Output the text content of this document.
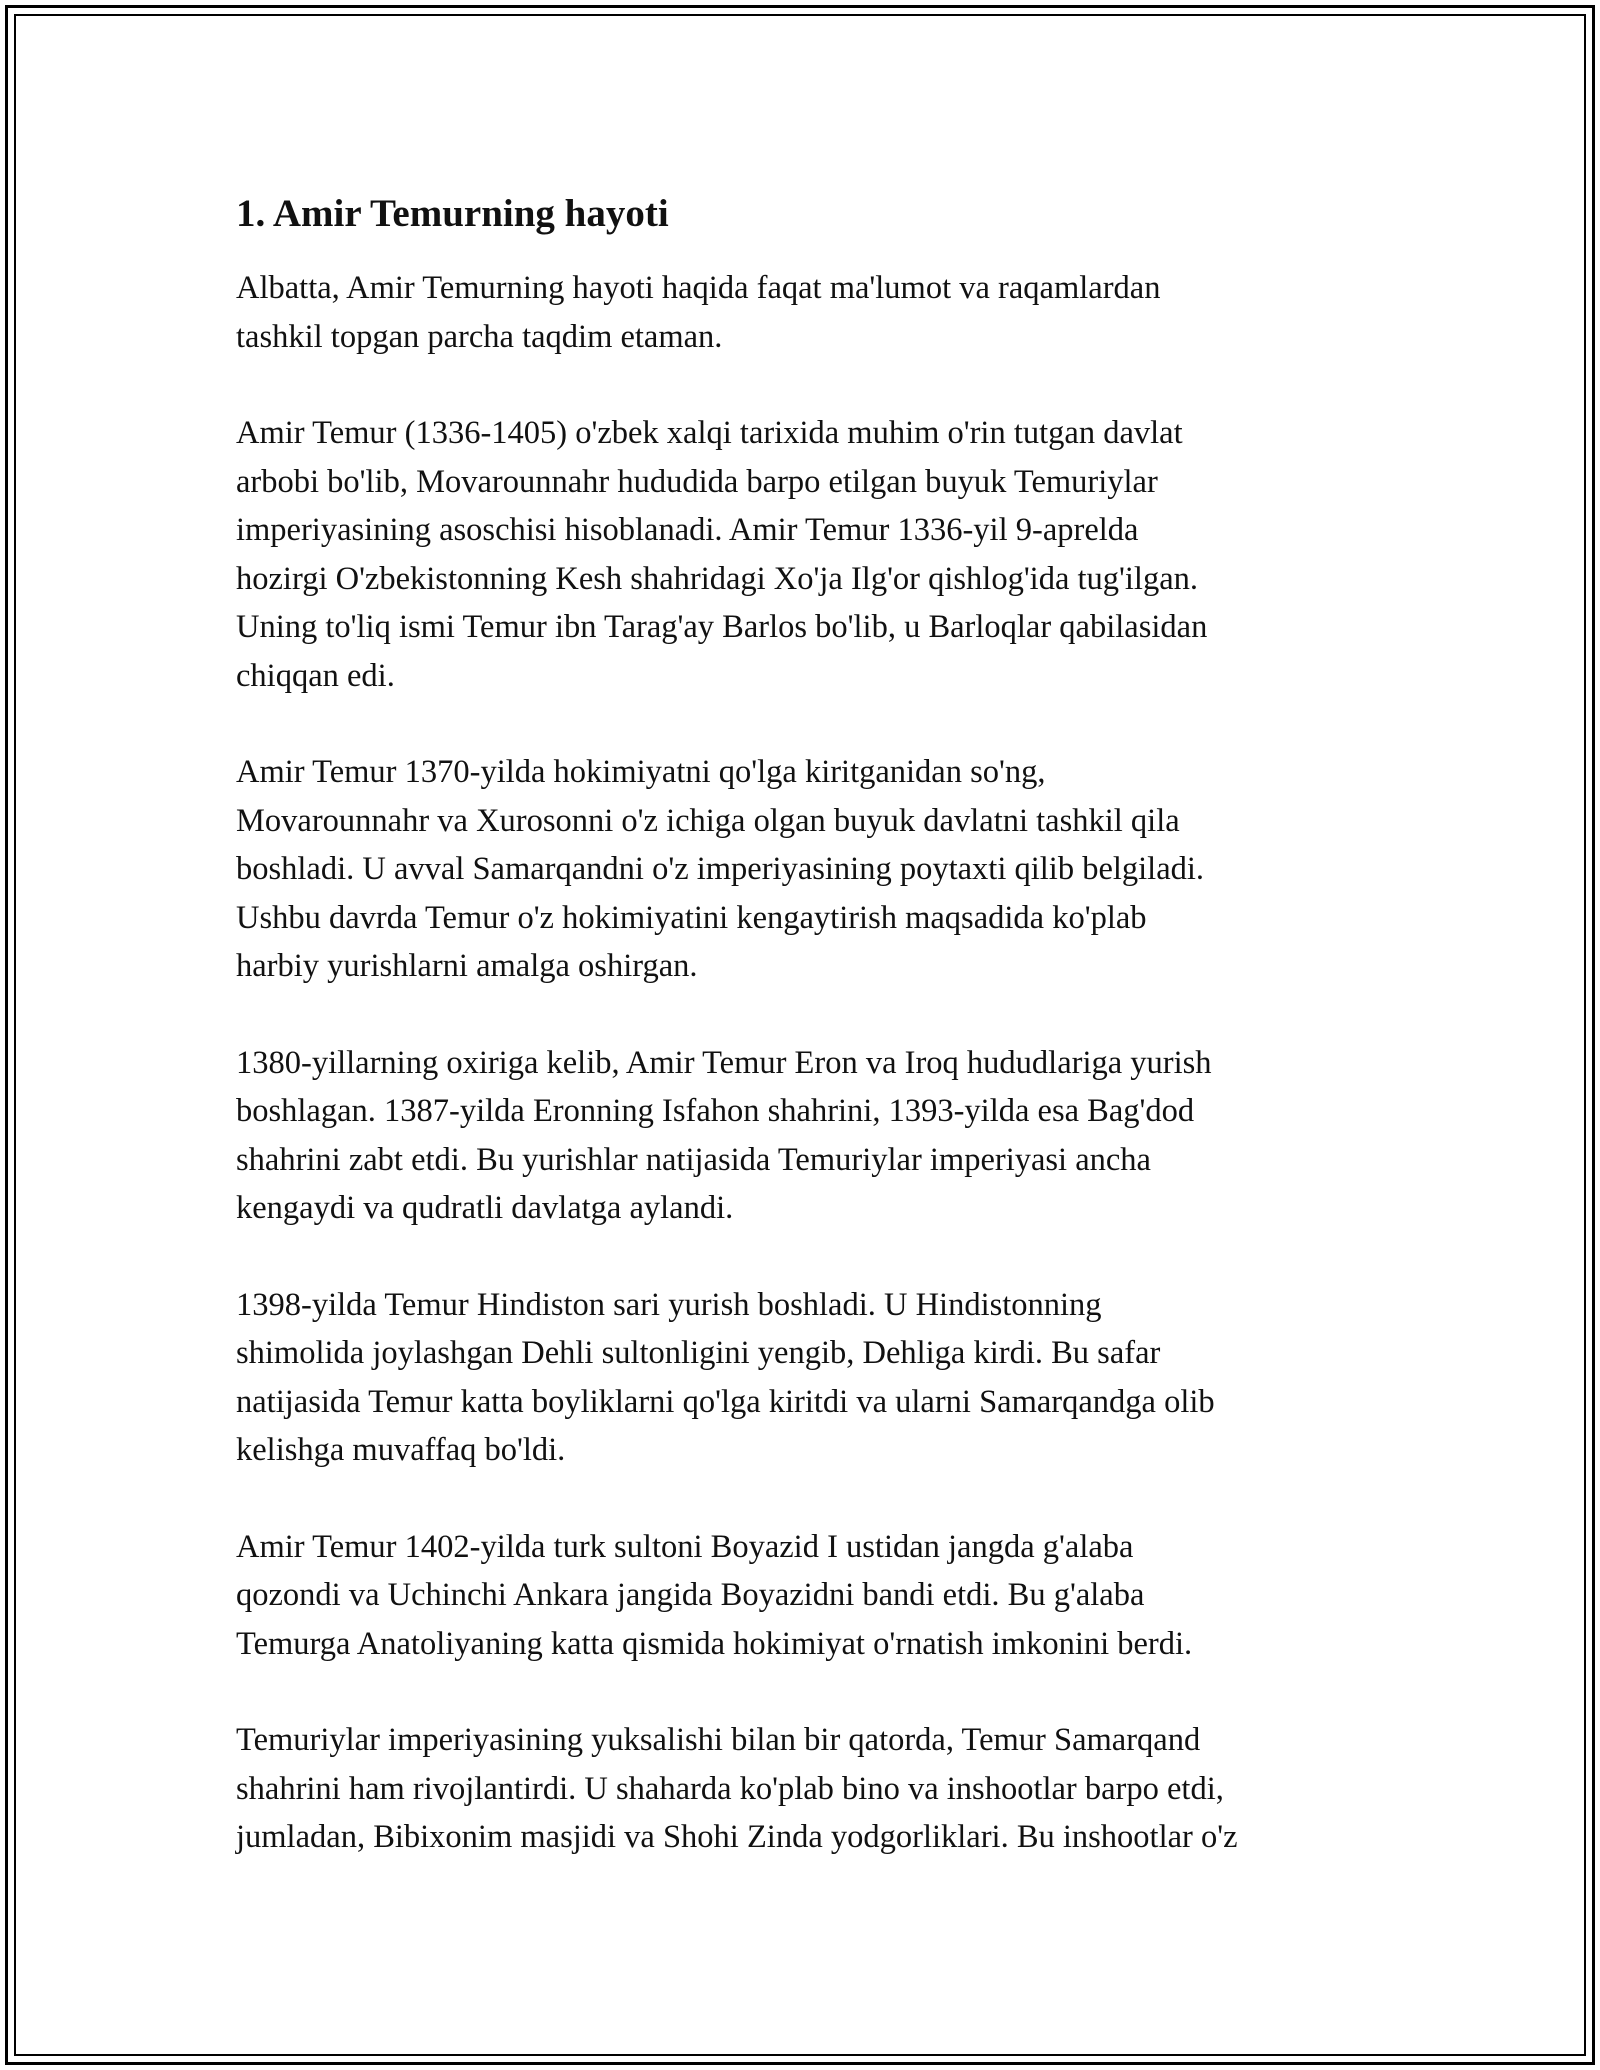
1. Amir Temurning hayoti

Albatta, Amir Temurning hayoti haqida faqat ma'lumot va raqamlardan
tashkil topgan parcha taqdim etaman.

Amir Temur (1336-1405) o'zbek xalqi tarixida muhim o'rin tutgan davlat
arbobi bo'lib, Movarounnahr hududida barpo etilgan buyuk Temuriylar
imperiyasining asoschisi hisoblanadi. Amir Temur 1336-yil 9-aprelda
hozirgi O'zbekistonning Kesh shahridagi Xo'ja Ilg'or qishlog'ida tug'ilgan.
Uning to'liq ismi Temur ibn Tarag'ay Barlos bo'lib, u Barloqlar qabilasidan
chiqqan edi.

Amir Temur 1370-yilda hokimiyatni qo'lga kiritganidan so'ng,
Movarounnahr va Xurosonni o'z ichiga olgan buyuk davlatni tashkil qila
boshladi. U avval Samarqandni o'z imperiyasining poytaxti qilib belgiladi.
Ushbu davrda Temur o'z hokimiyatini kengaytirish maqsadida ko'plab
harbiy yurishlarni amalga oshirgan.

1380-yillarning oxiriga kelib, Amir Temur Eron va Iroq hududlariga yurish
boshlagan. 1387-yilda Eronning Isfahon shahrini, 1393-yilda esa Bag'dod
shahrini zabt etdi. Bu yurishlar natijasida Temuriylar imperiyasi ancha
kengaydi va qudratli davlatga aylandi.

1398-yilda Temur Hindiston sari yurish boshladi. U Hindistonning
shimolida joylashgan Dehli sultonligini yengib, Dehliga kirdi. Bu safar
natijasida Temur katta boyliklarni qo'lga kiritdi va ularni Samarqandga olib
kelishga muvaffaq bo'ldi.

Amir Temur 1402-yilda turk sultoni Boyazid I ustidan jangda g'alaba
qozondi va Uchinchi Ankara jangida Boyazidni bandi etdi. Bu g'alaba
Temurga Anatoliyaning katta qismida hokimiyat o'rnatish imkonini berdi.

Temuriylar imperiyasining yuksalishi bilan bir qatorda, Temur Samarqand
shahrini ham rivojlantirdi. U shaharda ko'plab bino va inshootlar barpo etdi,
jumladan, Bibixonim masjidi va Shohi Zinda yodgorliklari. Bu inshootlar o'z
